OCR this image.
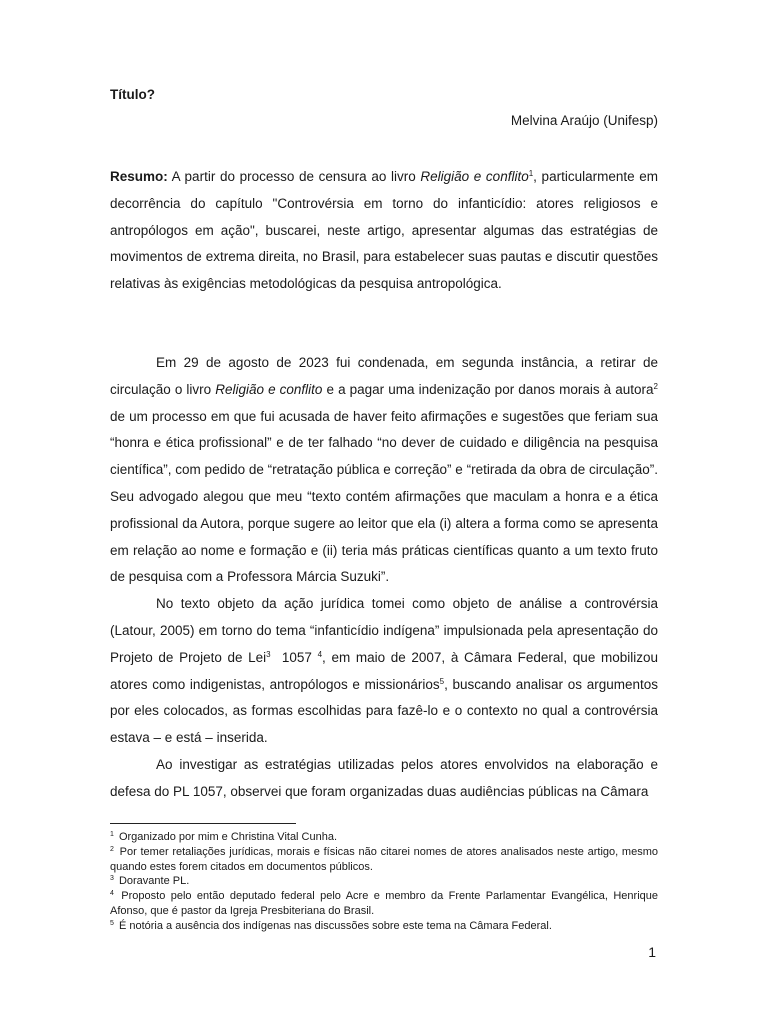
Título?

Melvina Araújo (Unifesp)

Resumo: A partir do processo de censura ao livro Religião e conflito$^1$, particularmente em decorrência do capítulo "Controvérsia em torno do infanticídio: atores religiosos e antropólogos em ação", buscarei, neste artigo, apresentar algumas das estratégias de movimentos de extrema direita, no Brasil, para estabelecer suas pautas e discutir questões relativas às exigências metodológicas da pesquisa antropológica.

Em 29 de agosto de 2023 fui condenada, em segunda instância, a retirar de circulação o livro Religião e conflito e a pagar uma indenização por danos morais à autora$^2$ de um processo em que fui acusada de haver feito afirmações e sugestões que feriam sua “honra e ética profissional” e de ter falhado “no dever de cuidado e diligência na pesquisa científica”, com pedido de “retratação pública e correção” e “retirada da obra de circulação”. Seu advogado alegou que meu “texto contém afirmações que maculam a honra e a ética profissional da Autora, porque sugere ao leitor que ela (i) altera a forma como se apresenta em relação ao nome e formação e (ii) teria más práticas científicas quanto a um texto fruto de pesquisa com a Professora Márcia Suzuki”.

No texto objeto da ação jurídica tomei como objeto de análise a controvérsia (Latour, 2005) em torno do tema “infanticídio indígena” impulsionada pela apresentação do Projeto de Projeto de Lei$^3$  1057 $^4$, em maio de 2007, à Câmara Federal, que mobilizou atores como indigenistas, antropólogos e missionários$^5$, buscando analisar os argumentos por eles colocados, as formas escolhidas para fazê-lo e o contexto no qual a controvérsia estava – e está – inserida.

Ao investigar as estratégias utilizadas pelos atores envolvidos na elaboração e defesa do PL 1057, observei que foram organizadas duas audiências públicas na Câmara

$^1$ Organizado por mim e Christina Vital Cunha.
$^2$ Por temer retaliações jurídicas, morais e físicas não citarei nomes de atores analisados neste artigo, mesmo quando estes forem citados em documentos públicos.
$^3$ Doravante PL.
$^4$ Proposto pelo então deputado federal pelo Acre e membro da Frente Parlamentar Evangélica, Henrique Afonso, que é pastor da Igreja Presbiteriana do Brasil.
$^5$ É notória a ausência dos indígenas nas discussões sobre este tema na Câmara Federal.

1
